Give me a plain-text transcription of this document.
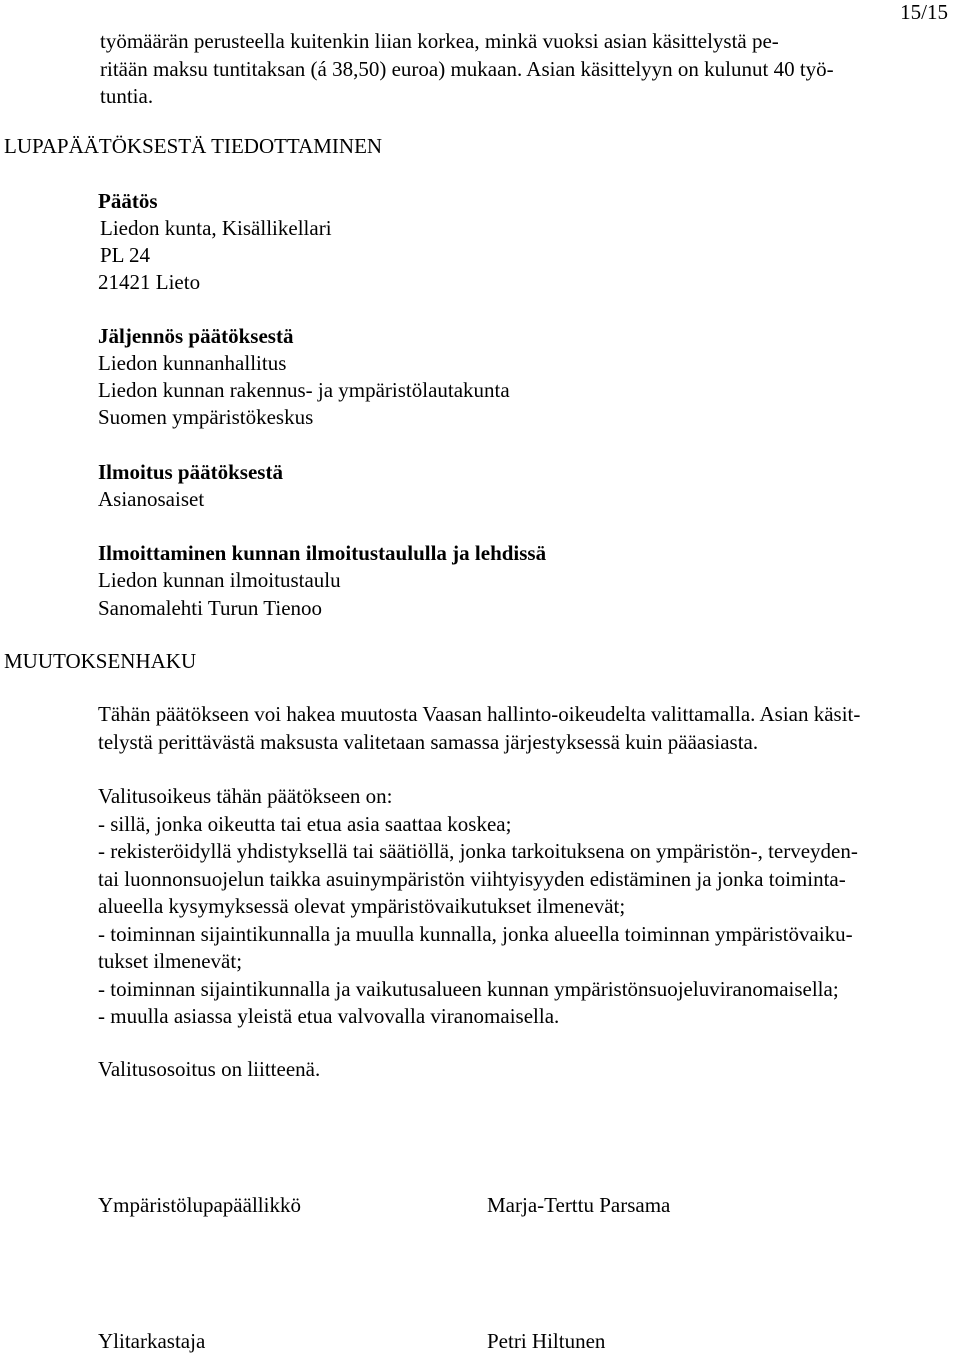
15/15
työmäärän perusteella kuitenkin liian korkea, minkä vuoksi asian käsittelystä pe-
ritään maksu tuntitaksan (á 38,50) euroa) mukaan. Asian käsittelyyn on kulunut 40 työ-
tuntia.
LUPAPÄÄTÖKSESTÄ TIEDOTTAMINEN
Päätös
Liedon kunta, Kisällikellari
PL 24
21421 Lieto
Jäljennös päätöksestä
Liedon kunnanhallitus
Liedon kunnan rakennus- ja ympäristölautakunta
Suomen ympäristökeskus
Ilmoitus päätöksestä
Asianosaiset
Ilmoittaminen kunnan ilmoitustaululla ja lehdissä
Liedon kunnan ilmoitustaulu
Sanomalehti Turun Tienoo
MUUTOKSENHAKU
Tähän päätökseen voi hakea muutosta Vaasan hallinto-oikeudelta valittamalla. Asian käsit-
telystä perittävästä maksusta valitetaan samassa järjestyksessä kuin pääasiasta.
Valitusoikeus tähän päätökseen on:
- sillä, jonka oikeutta tai etua asia saattaa koskea;
- rekisteröidyllä yhdistyksellä tai säätiöllä, jonka tarkoituksena on ympäristön-, terveyden-
tai luonnonsuojelun taikka asuinympäristön viihtyisyyden edistäminen ja jonka toiminta-
alueella kysymyksessä olevat ympäristövaikutukset ilmenevät;
- toiminnan sijaintikunnalla ja muulla kunnalla, jonka alueella toiminnan ympäristövaiku-
tukset ilmenevät;
- toiminnan sijaintikunnalla ja vaikutusalueen kunnan ympäristönsuojeluviranomaisella;
- muulla asiassa yleistä etua valvovalla viranomaisella.
Valitusosoitus on liitteenä.
Ympäristölupapäällikkö	Marja-Terttu Parsama
Ylitarkastaja	Petri Hiltunen
